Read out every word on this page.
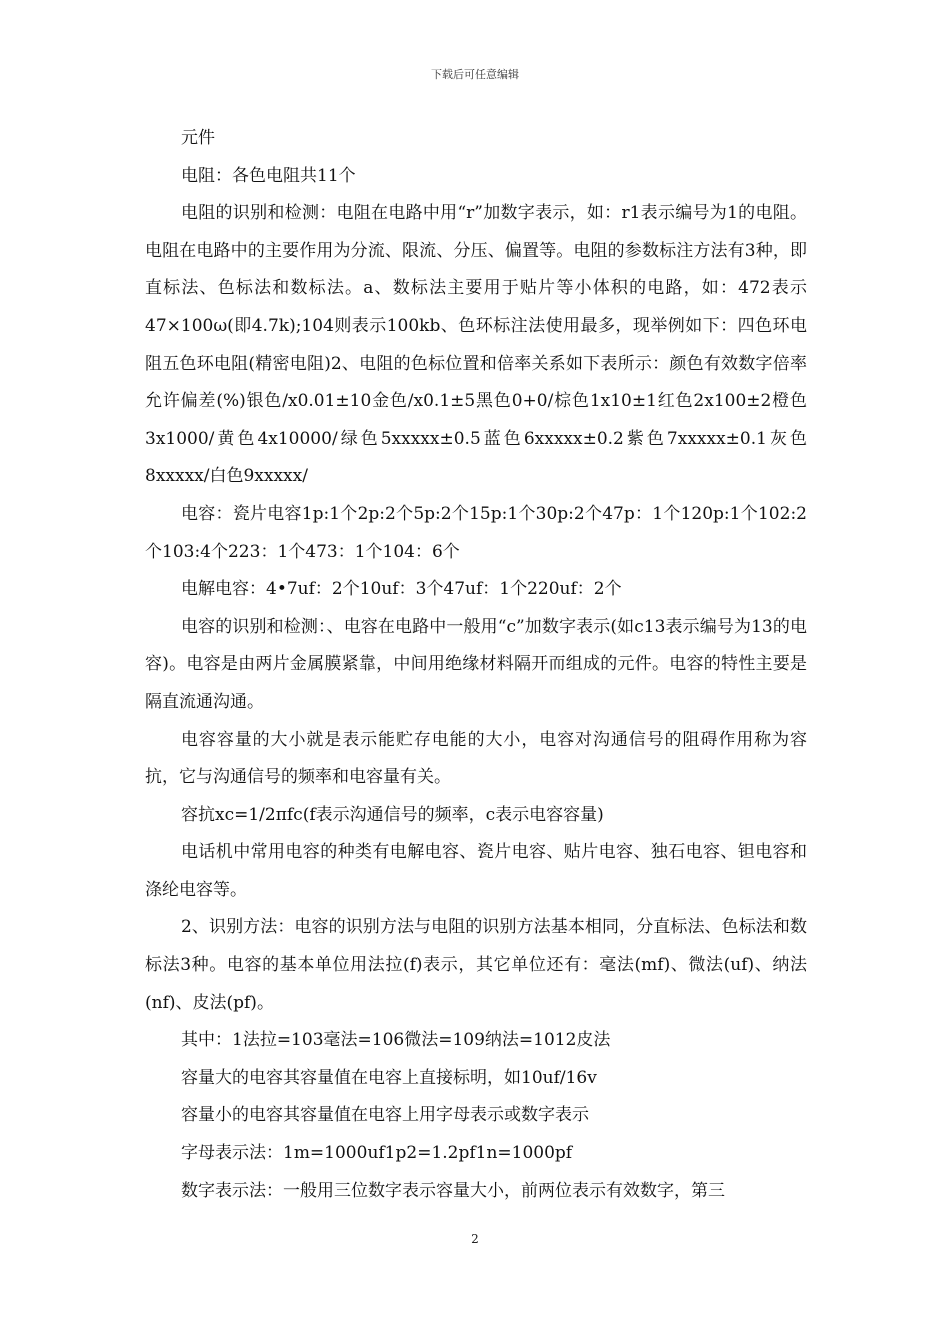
下载后可任意编辑

元件

电阻：各色电阻共11个

电阻的识别和检测：电阻在电路中用“r”加数字表示，如：r1表示编号为1的电阻。电阻在电路中的主要作用为分流、限流、分压、偏置等。电阻的参数标注方法有3种，即直标法、色标法和数标法。a、数标法主要用于贴片等小体积的电路，如：472表示47×100ω(即4.7k);104则表示100kb、色环标注法使用最多，现举例如下：四色环电阻五色环电阻(精密电阻)2、电阻的色标位置和倍率关系如下表所示：颜色有效数字倍率允许偏差(%)银色/x0.01±10金色/x0.1±5黑色0+0/棕色1x10±1红色2x100±2橙色3x1000/黄色4x10000/绿色5xxxxx±0.5蓝色6xxxxx±0.2紫色7xxxxx±0.1灰色8xxxxx/白色9xxxxx/

电容：瓷片电容1p:1个2p:2个5p:2个15p:1个30p:2个47p：1个120p:1个102:2个103:4个223：1个473：1个104：6个

电解电容：4•7uf：2个10uf：3个47uf：1个220uf：2个

电容的识别和检测：、电容在电路中一般用“c”加数字表示(如c13表示编号为13的电容)。电容是由两片金属膜紧靠，中间用绝缘材料隔开而组成的元件。电容的特性主要是隔直流通沟通。

电容容量的大小就是表示能贮存电能的大小，电容对沟通信号的阻碍作用称为容抗，它与沟通信号的频率和电容量有关。

容抗xc=1/2πfc(f表示沟通信号的频率，c表示电容容量)

电话机中常用电容的种类有电解电容、瓷片电容、贴片电容、独石电容、钽电容和涤纶电容等。

2、识别方法：电容的识别方法与电阻的识别方法基本相同，分直标法、色标法和数标法3种。电容的基本单位用法拉(f)表示，其它单位还有：毫法(mf)、微法(uf)、纳法(nf)、皮法(pf)。

其中：1法拉=103毫法=106微法=109纳法=1012皮法

容量大的电容其容量值在电容上直接标明，如10uf/16v

容量小的电容其容量值在电容上用字母表示或数字表示

字母表示法：1m=1000uf1p2=1.2pf1n=1000pf

数字表示法：一般用三位数字表示容量大小，前两位表示有效数字，第三

2
